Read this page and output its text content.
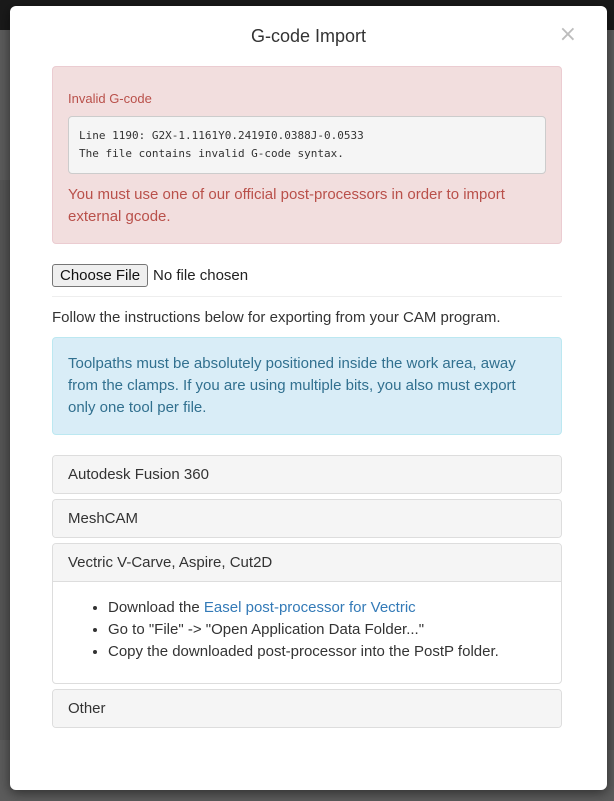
G-code Import	×

Invalid G-code

Line 1190: G2X-1.1161Y0.2419I0.0388J-0.0533
The file contains invalid G-code syntax.

You must use one of our official post-processors in order to import external gcode.

Choose File No file chosen

Follow the instructions below for exporting from your CAM program.

Toolpaths must be absolutely positioned inside the work area, away from the clamps. If you are using multiple bits, you also must export only one tool per file.
Autodesk Fusion 360
MeshCAM
Vectric V-Carve, Aspire, Cut2D
• Download the Easel post-processor for Vectric
• Go to "File" -> "Open Application Data Folder..."
• Copy the downloaded post-processor into the PostP folder.
Other
